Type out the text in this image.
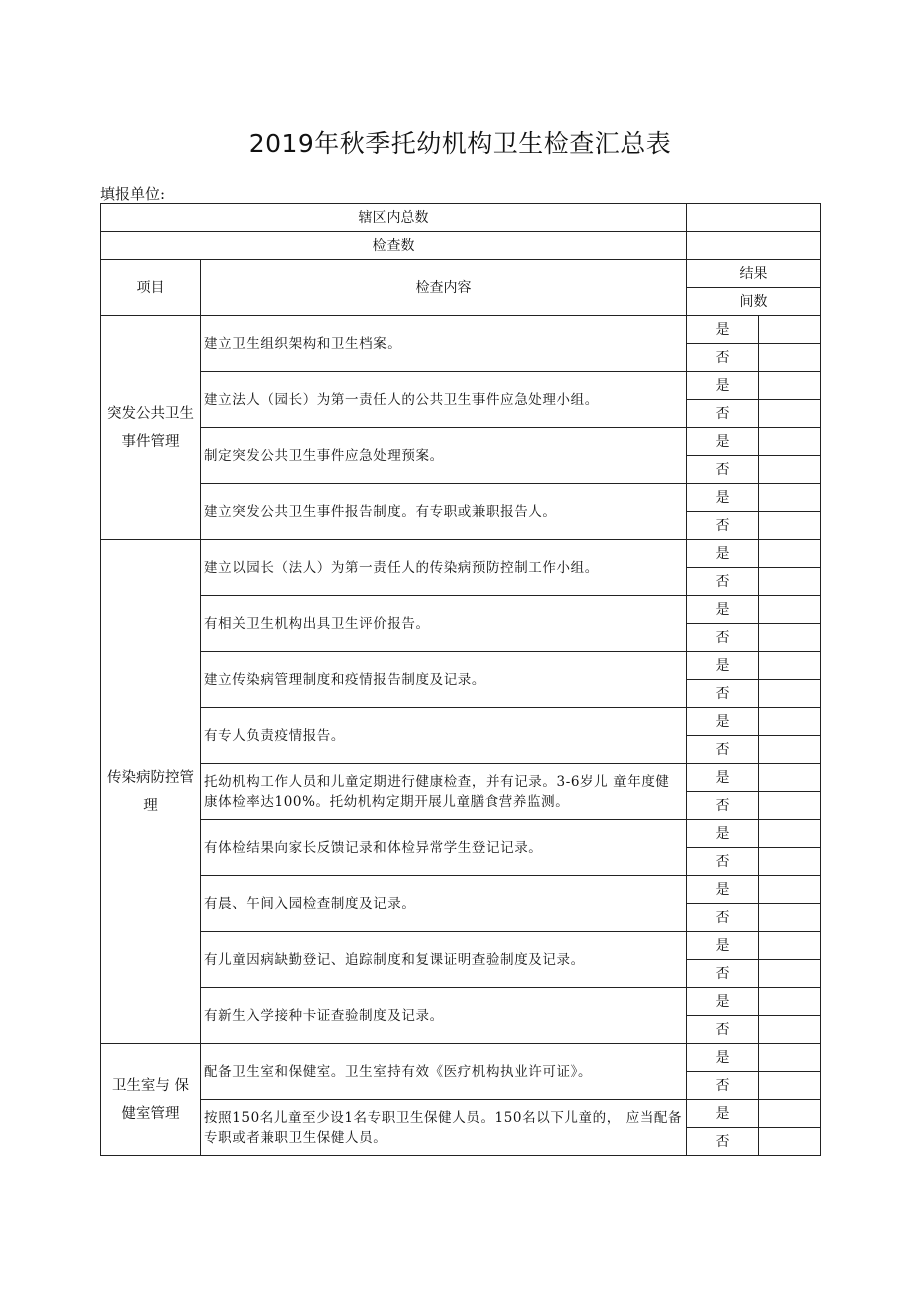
2019年秋季托幼机构卫生检查汇总表
填报单位:
辖区内总数			
检查数			
项目	检查内容	结果	
		间数	
突发公共卫生事件管理	建立卫生组织架构和卫生档案。	是	
		否	
	建立法人（园长）为第一责任人的公共卫生事件应急处理小组。	是	
		否	
	制定突发公共卫生事件应急处理预案。	是	
		否	
	建立突发公共卫生事件报告制度。有专职或兼职报告人。	是	
		否	
传染病防控管理	建立以园长（法人）为第一责任人的传染病预防控制工作小组。	是	
		否	
	有相关卫生机构出具卫生评价报告。	是	
		否	
	建立传染病管理制度和疫情报告制度及记录。	是	
		否	
	有专人负责疫情报告。	是	
		否	
	托幼机构工作人员和儿童定期进行健康检查，并有记录。3-6岁儿 童年度健康体检率达100%。托幼机构定期开展儿童膳食营养监测。	是	
		否	
	有体检结果向家长反馈记录和体检异常学生登记记录。	是	
		否	
	有晨、午间入园检查制度及记录。	是	
		否	
	有儿童因病缺勤登记、追踪制度和复课证明查验制度及记录。	是	
		否	
	有新生入学接种卡证查验制度及记录。	是	
		否	
卫生室与 保健室管理	配备卫生室和保健室。卫生室持有效《医疗机构执业许可证》。	是	
		否	
	按照150名儿童至少设1名专职卫生保健人员。150名以下儿童的， 应当配备专职或者兼职卫生保健人员。	是	
		否	
